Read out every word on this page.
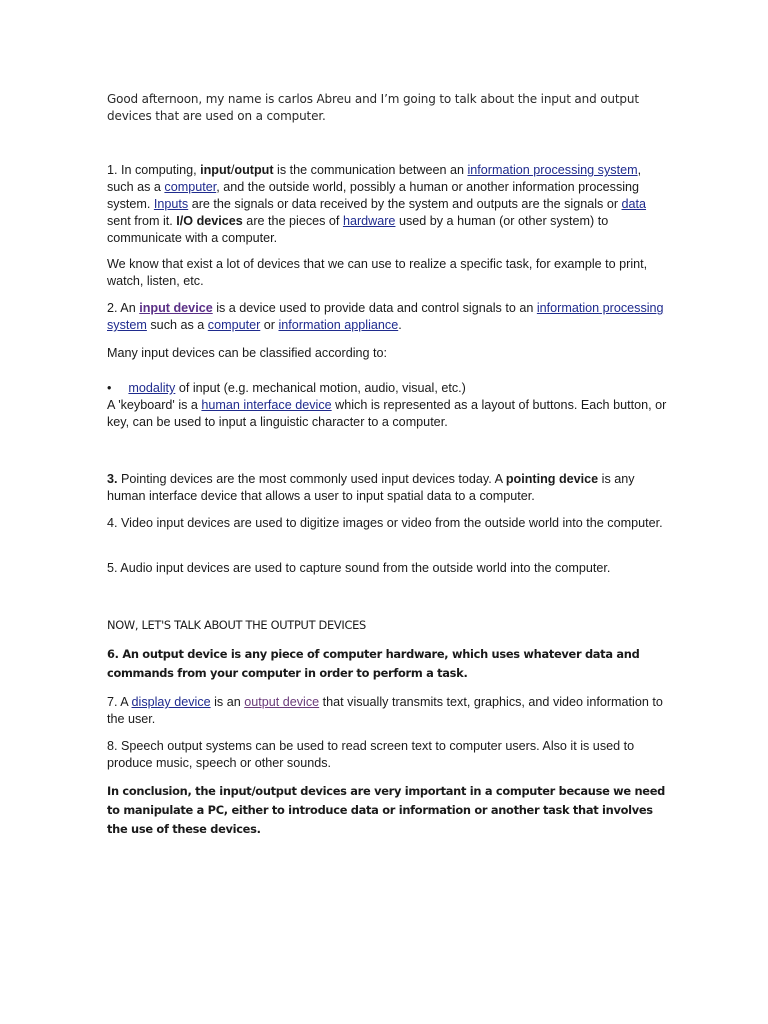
Good afternoon, my name is carlos Abreu and I’m going to talk about the input and output devices that are used on a computer.

1. In computing, input/output is the communication between an information processing system, such as a computer, and the outside world, possibly a human or another information processing system. Inputs are the signals or data received by the system and outputs are the signals or data sent from it. I/O devices are the pieces of hardware used by a human (or other system) to communicate with a computer.

We know that exist a lot of devices that we can use to realize a specific task, for example to print, watch, listen, etc.

2. An input device is a device used to provide data and control signals to an information processing system such as a computer or information appliance.

Many input devices can be classified according to:

• modality of input (e.g. mechanical motion, audio, visual, etc.)

A 'keyboard' is a human interface device which is represented as a layout of buttons. Each button, or key, can be used to input a linguistic character to a computer.

3. Pointing devices are the most commonly used input devices today. A pointing device is any human interface device that allows a user to input spatial data to a computer.

4. Video input devices are used to digitize images or video from the outside world into the computer.

5. Audio input devices are used to capture sound from the outside world into the computer.

NOW, LET'S TALK ABOUT THE OUTPUT DEVICES

6. An output device is any piece of computer hardware, which uses whatever data and commands from your computer in order to perform a task.

7. A display device is an output device that visually transmits text, graphics, and video information to the user.

8. Speech output systems can be used to read screen text to computer users. Also it is used to produce music, speech or other sounds.

In conclusion, the input/output devices are very important in a computer because we need to manipulate a PC, either to introduce data or information or another task that involves the use of these devices.
